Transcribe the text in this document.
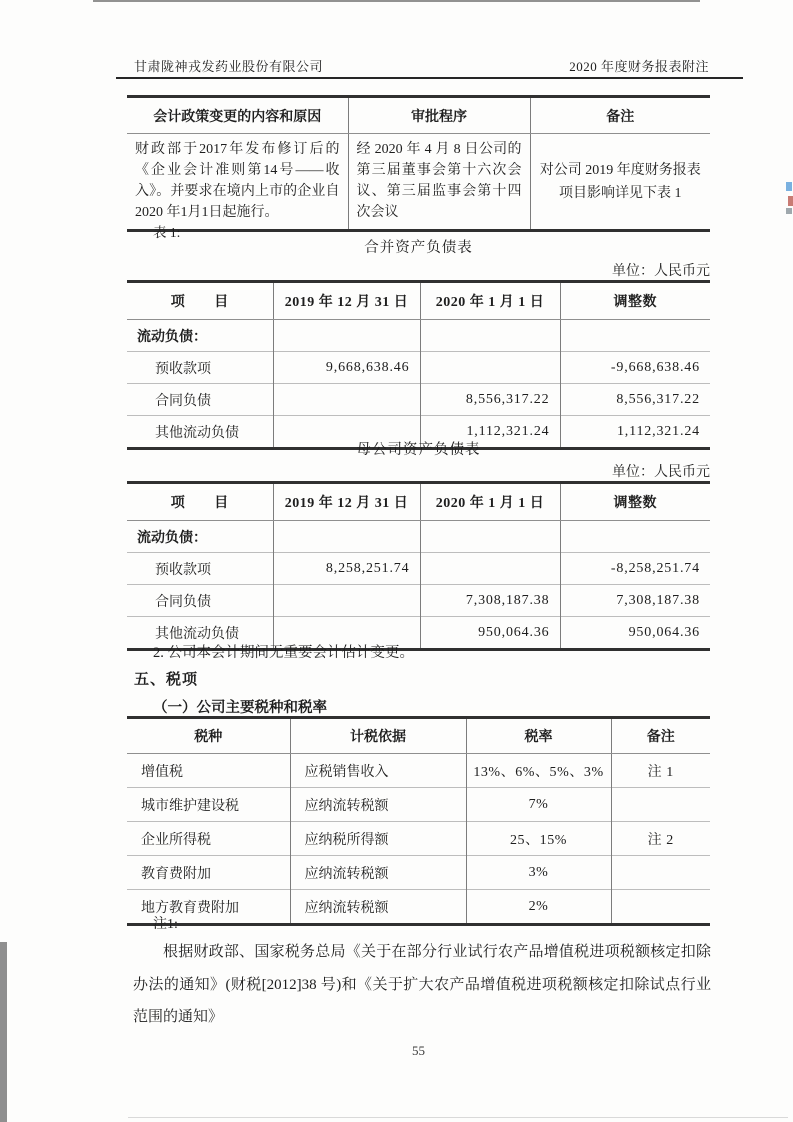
甘肃陇神戎发药业股份有限公司	2020 年度财务报表附注
会计政策变更的内容和原因	审批程序	备注
财政部于2017年发布修订后的《企业会计准则第14号——收入》。并要求在境内上市的企业自2020 年1月1日起施行。	经 2020 年 4 月 8 日公司的第三届董事会第十六次会议、第三届监事会第十四次会议	对公司 2019 年度财务报表项目影响详见下表 1
表 1:
合并资产负债表
单位：人民币元
项　　目	2019 年 12 月 31 日	2020 年 1 月 1 日	调整数
流动负债：			
预收款项	9,668,638.46		-9,668,638.46
合同负债		8,556,317.22	8,556,317.22
其他流动负债		1,112,321.24	1,112,321.24
母公司资产负债表
单位：人民币元
项　　目	2019 年 12 月 31 日	2020 年 1 月 1 日	调整数
流动负债：			
预收款项	8,258,251.74		-8,258,251.74
合同负债		7,308,187.38	7,308,187.38
其他流动负债		950,064.36	950,064.36
2. 公司本会计期间无重要会计估计变更。
五、税项
（一）公司主要税种和税率
税种	计税依据	税率	备注
增值税	应税销售收入	13%、6%、5%、3%	注 1
城市维护建设税	应纳流转税额	7%	
企业所得税	应纳税所得额	25、15%	注 2
教育费附加	应纳流转税额	3%	
地方教育费附加	应纳流转税额	2%	
注1:
根据财政部、国家税务总局《关于在部分行业试行农产品增值税进项税额核定扣除办法的通知》(财税[2012]38 号)和《关于扩大农产品增值税进项税额核定扣除试点行业范围的通知》
55
